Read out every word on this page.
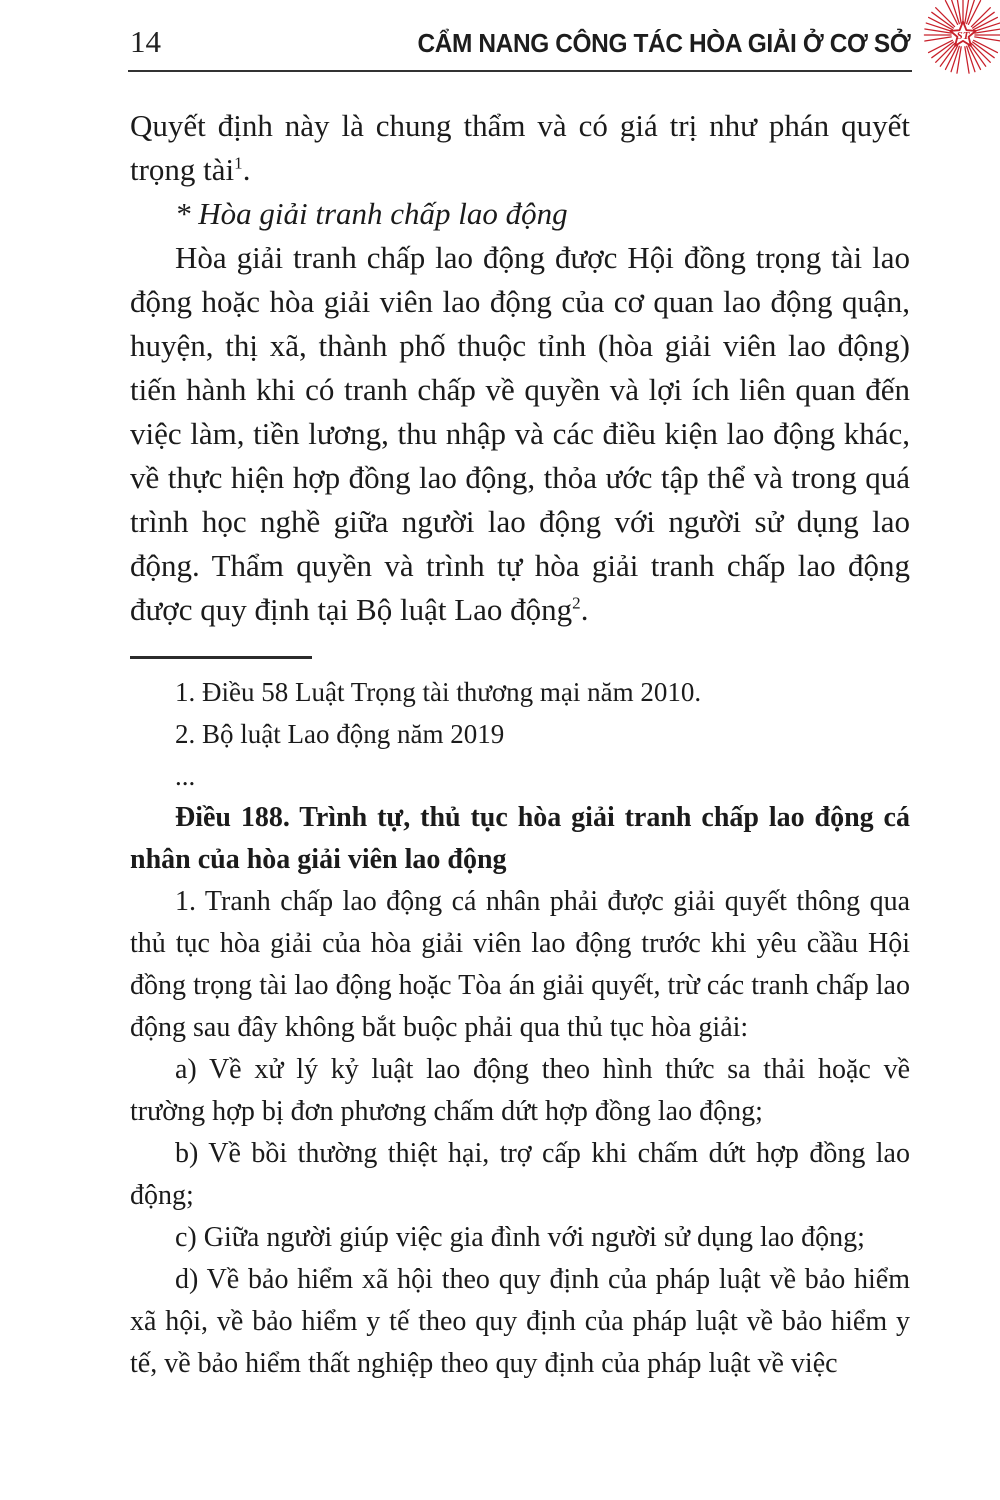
14	CẨM NANG CÔNG TÁC HÒA GIẢI Ở CƠ SỞ	ST

Quyết định này là chung thẩm và có giá trị như phán quyết trọng tài$^1$.

* Hòa giải tranh chấp lao động

Hòa giải tranh chấp lao động được Hội đồng trọng tài lao động hoặc hòa giải viên lao động của cơ quan lao động quận, huyện, thị xã, thành phố thuộc tỉnh (hòa giải viên lao động) tiến hành khi có tranh chấp về quyền và lợi ích liên quan đến việc làm, tiền lương, thu nhập và các điều kiện lao động khác, về thực hiện hợp đồng lao động, thỏa ước tập thể và trong quá trình học nghề giữa người lao động với người sử dụng lao động. Thẩm quyền và trình tự hòa giải tranh chấp lao động được quy định tại Bộ luật Lao động$^2$.

1. Điều 58 Luật Trọng tài thương mại năm 2010.

2. Bộ luật Lao động năm 2019

...

Điều 188. Trình tự, thủ tục hòa giải tranh chấp lao động cá nhân của hòa giải viên lao động

1. Tranh chấp lao động cá nhân phải được giải quyết thông qua thủ tục hòa giải của hòa giải viên lao động trước khi yêu cầầu Hội đồng trọng tài lao động hoặc Tòa án giải quyết, trừ các tranh chấp lao động sau đây không bắt buộc phải qua thủ tục hòa giải:

a) Về xử lý kỷ luật lao động theo hình thức sa thải hoặc về trường hợp bị đơn phương chấm dứt hợp đồng lao động;

b) Về bồi thường thiệt hại, trợ cấp khi chấm dứt hợp đồng lao động;

c) Giữa người giúp việc gia đình với người sử dụng lao động;

d) Về bảo hiểm xã hội theo quy định của pháp luật về bảo hiểm xã hội, về bảo hiểm y tế theo quy định của pháp luật về bảo hiểm y tế, về bảo hiểm thất nghiệp theo quy định của pháp luật về việc
